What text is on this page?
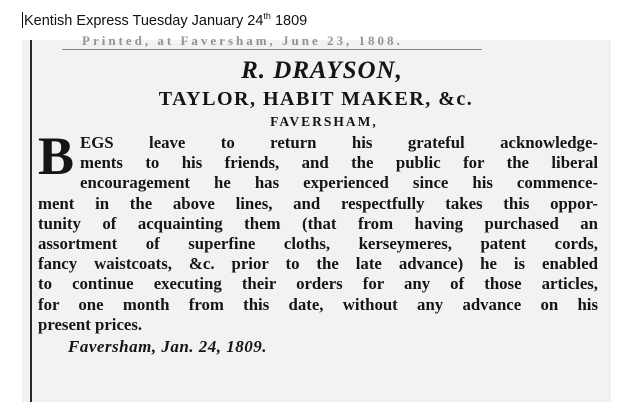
Kentish Express Tuesday January 24th 1809
Printed, at Faversham, June 23, 1808.
R. DRAYSON,
TAYLOR, HABIT MAKER, &c.
FAVERSHAM,
B EGS leave to return his grateful acknowledge-
ments to his friends, and the public for the liberal
encouragement he has experienced since his commence-
ment in the above lines, and respectfully takes this oppor-
tunity of acquainting them (that from having purchased an
assortment of superfine cloths, kerseymeres, patent cords,
fancy waistcoats, &c. prior to the late advance) he is enabled
to continue executing their orders for any of those articles,
for one month from this date, without any advance on his
present prices.
Faversham, Jan. 24, 1809.
